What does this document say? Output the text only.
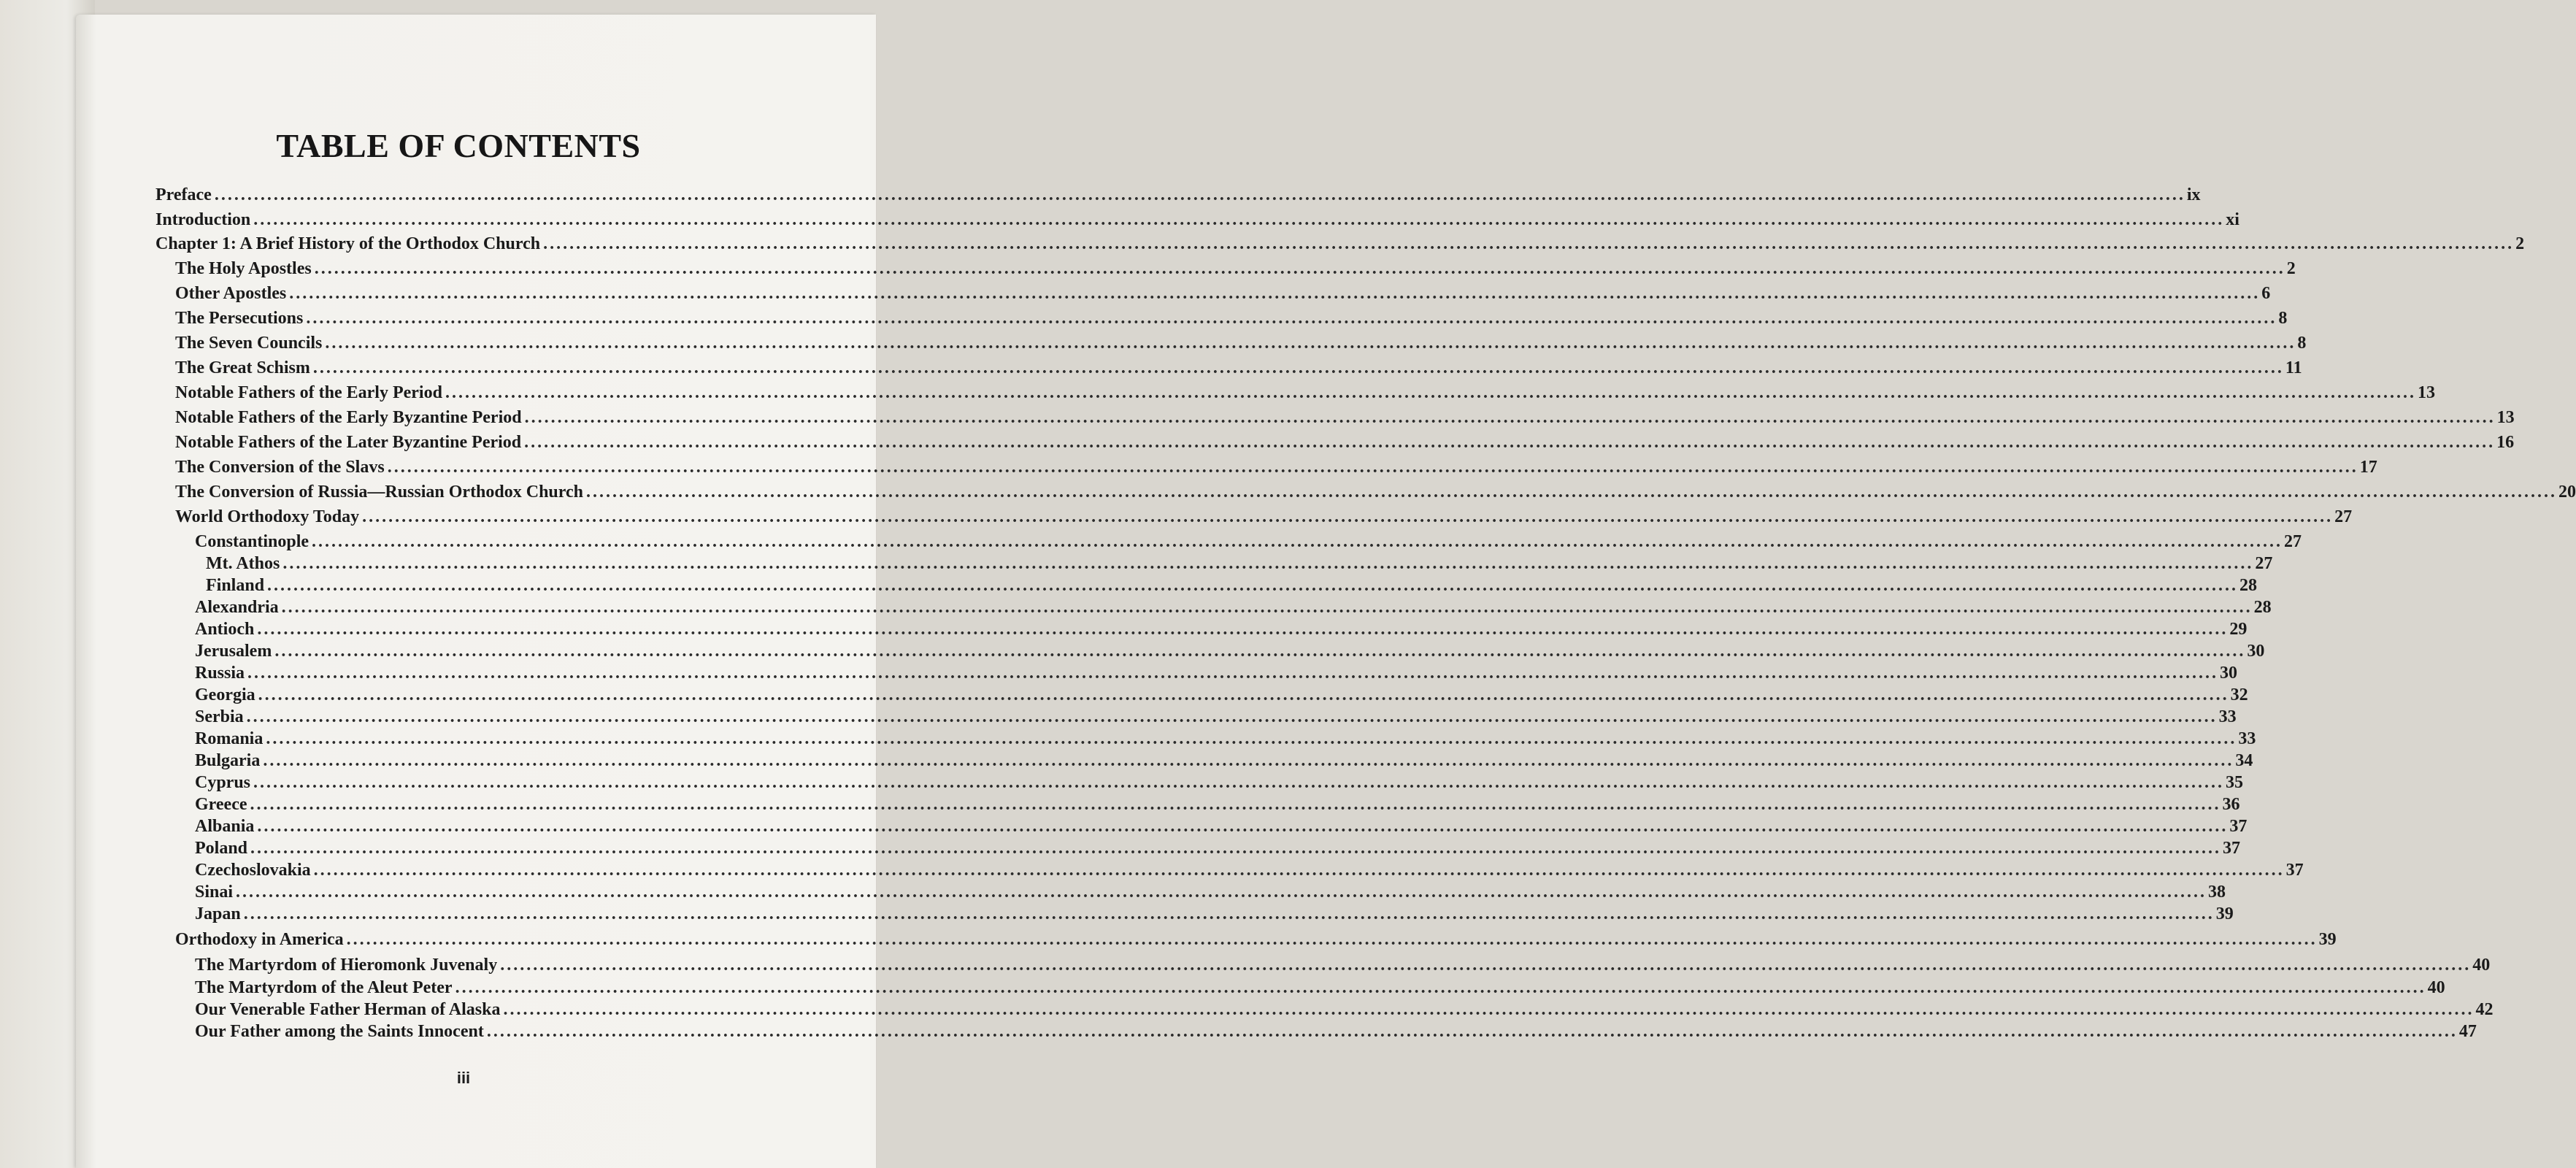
TABLE OF CONTENTS
Preface ............................................................................................................................................................................................................................................................................................................ ix
Introduction ............................................................................................................................................................................................................................................................................................................ xi
Chapter 1: A Brief History of the Orthodox Church ............................................................................................................................................................................................................................................................................................................ 2
The Holy Apostles ............................................................................................................................................................................................................................................................................................................ 2
Other Apostles ............................................................................................................................................................................................................................................................................................................ 6
The Persecutions ............................................................................................................................................................................................................................................................................................................ 8
The Seven Councils ............................................................................................................................................................................................................................................................................................................ 8
The Great Schism ............................................................................................................................................................................................................................................................................................................ 11
Notable Fathers of the Early Period ............................................................................................................................................................................................................................................................................................................ 13
Notable Fathers of the Early Byzantine Period ............................................................................................................................................................................................................................................................................................................ 13
Notable Fathers of the Later Byzantine Period ............................................................................................................................................................................................................................................................................................................ 16
The Conversion of the Slavs ............................................................................................................................................................................................................................................................................................................ 17
The Conversion of Russia—Russian Orthodox Church ............................................................................................................................................................................................................................................................................................................ 20
World Orthodoxy Today ............................................................................................................................................................................................................................................................................................................ 27
Constantinople ............................................................................................................................................................................................................................................................................................................ 27
Mt. Athos ............................................................................................................................................................................................................................................................................................................ 27
Finland ............................................................................................................................................................................................................................................................................................................ 28
Alexandria ............................................................................................................................................................................................................................................................................................................ 28
Antioch ............................................................................................................................................................................................................................................................................................................ 29
Jerusalem ............................................................................................................................................................................................................................................................................................................ 30
Russia ............................................................................................................................................................................................................................................................................................................ 30
Georgia ............................................................................................................................................................................................................................................................................................................ 32
Serbia ............................................................................................................................................................................................................................................................................................................ 33
Romania ............................................................................................................................................................................................................................................................................................................ 33
Bulgaria ............................................................................................................................................................................................................................................................................................................ 34
Cyprus ............................................................................................................................................................................................................................................................................................................ 35
Greece ............................................................................................................................................................................................................................................................................................................ 36
Albania ............................................................................................................................................................................................................................................................................................................ 37
Poland ............................................................................................................................................................................................................................................................................................................ 37
Czechoslovakia ............................................................................................................................................................................................................................................................................................................ 37
Sinai ............................................................................................................................................................................................................................................................................................................ 38
Japan ............................................................................................................................................................................................................................................................................................................ 39
Orthodoxy in America ............................................................................................................................................................................................................................................................................................................ 39
The Martyrdom of Hieromonk Juvenaly ............................................................................................................................................................................................................................................................................................................ 40
The Martyrdom of the Aleut Peter ............................................................................................................................................................................................................................................................................................................ 40
Our Venerable Father Herman of Alaska ............................................................................................................................................................................................................................................................................................................ 42
Our Father among the Saints Innocent ............................................................................................................................................................................................................................................................................................................ 47
iii
